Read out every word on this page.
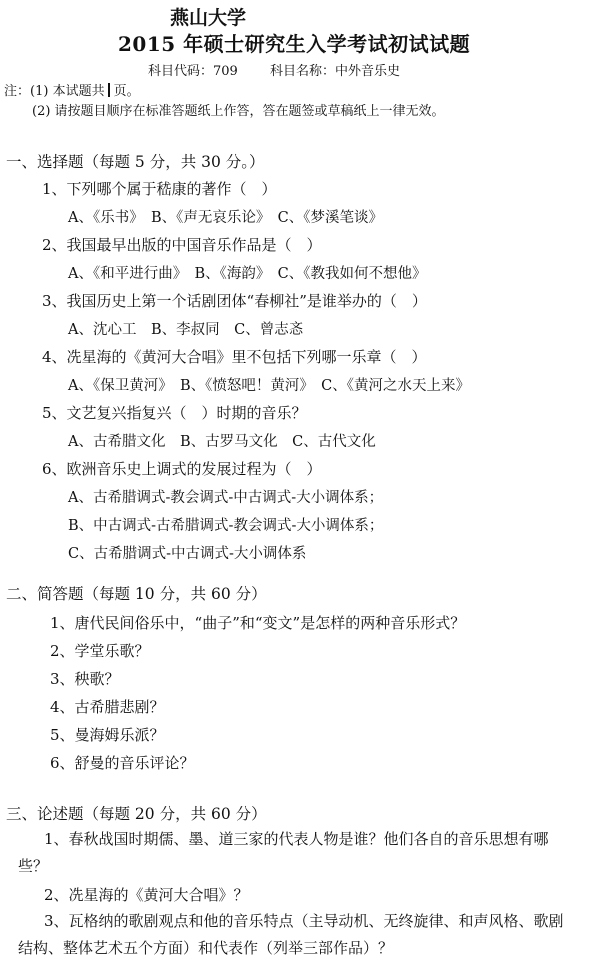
燕山大学
2015 年硕士研究生入学考试初试试题
科目代码：709 科目名称：中外音乐史
注：(1) 本试题共 页。
(2) 请按题目顺序在标准答题纸上作答，答在题签或草稿纸上一律无效。
一、选择题（每题 5 分，共 30 分。）
1、下列哪个属于嵇康的著作（　）
A、《乐书》　B、《声无哀乐论》　C、《梦溪笔谈》
2、我国最早出版的中国音乐作品是（　）
A、《和平进行曲》　B、《海韵》　C、《教我如何不想他》
3、我国历史上第一个话剧团体“春柳社”是谁举办的（　）
A、沈心工　B、李叔同　C、曾志忞
4、冼星海的《黄河大合唱》里不包括下列哪一乐章（　）
A、《保卫黄河》　B、《愤怒吧！黄河》　C、《黄河之水天上来》
5、文艺复兴指复兴（　）时期的音乐？
A、古希腊文化　B、古罗马文化　C、古代文化
6、欧洲音乐史上调式的发展过程为（　）
A、古希腊调式-教会调式-中古调式-大小调体系；
B、中古调式-古希腊调式-教会调式-大小调体系；
C、古希腊调式-中古调式-大小调体系
二、简答题（每题 10 分，共 60 分）
1、唐代民间俗乐中，“曲子”和“变文”是怎样的两种音乐形式？
2、学堂乐歌？
3、秧歌？
4、古希腊悲剧？
5、曼海姆乐派？
6、舒曼的音乐评论？
三、论述题（每题 20 分，共 60 分）
1、春秋战国时期儒、墨、道三家的代表人物是谁？他们各自的音乐思想有哪些？
2、冼星海的《黄河大合唱》？
3、瓦格纳的歌剧观点和他的音乐特点（主导动机、无终旋律、和声风格、歌剧结构、整体艺术五个方面）和代表作（列举三部作品）？
